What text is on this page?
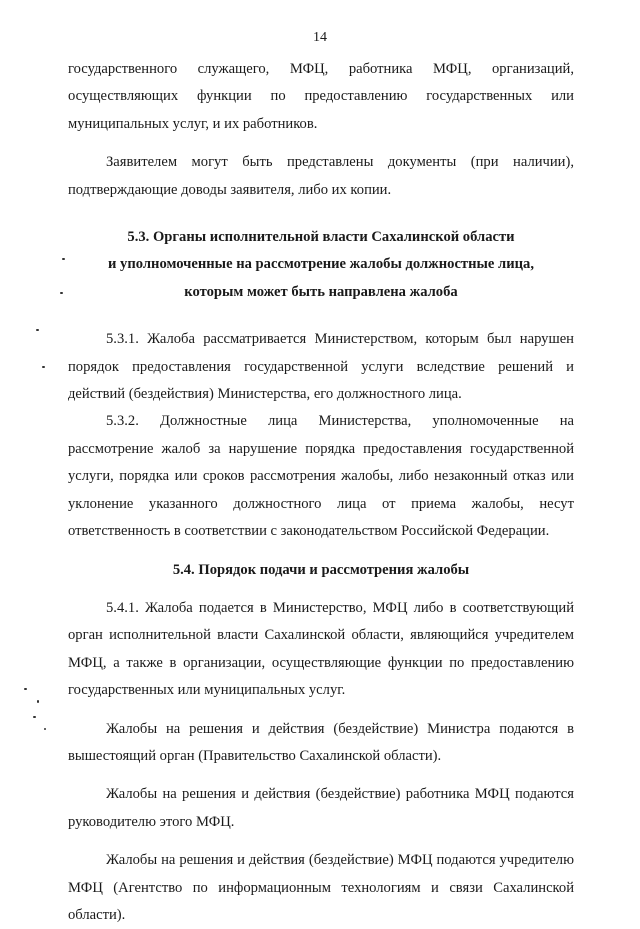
14

государственного служащего, МФЦ, работника МФЦ, организаций, осуществляющих функции по предоставлению государственных или муниципальных услуг, и их работников.

Заявителем могут быть представлены документы (при наличии), подтверждающие доводы заявителя, либо их копии.

5.3. Органы исполнительной власти Сахалинской области
и уполномоченные на рассмотрение жалобы должностные лица,
которым может быть направлена жалоба

5.3.1. Жалоба рассматривается Министерством, которым был нарушен порядок предоставления государственной услуги вследствие решений и действий (бездействия) Министерства, его должностного лица.

5.3.2. Должностные лица Министерства, уполномоченные на рассмотрение жалоб за нарушение порядка предоставления государственной услуги, порядка или сроков рассмотрения жалобы, либо незаконный отказ или уклонение указанного должностного лица от приема жалобы, несут ответственность в соответствии с законодательством Российской Федерации.

5.4. Порядок подачи и рассмотрения жалобы

5.4.1. Жалоба подается в Министерство, МФЦ либо в соответствующий орган исполнительной власти Сахалинской области, являющийся учредителем МФЦ, а также в организации, осуществляющие функции по предоставлению государственных или муниципальных услуг.

Жалобы на решения и действия (бездействие) Министра подаются в вышестоящий орган (Правительство Сахалинской области).

Жалобы на решения и действия (бездействие) работника МФЦ подаются руководителю этого МФЦ.

Жалобы на решения и действия (бездействие) МФЦ подаются учредителю МФЦ (Агентство по информационным технологиям и связи Сахалинской области).
